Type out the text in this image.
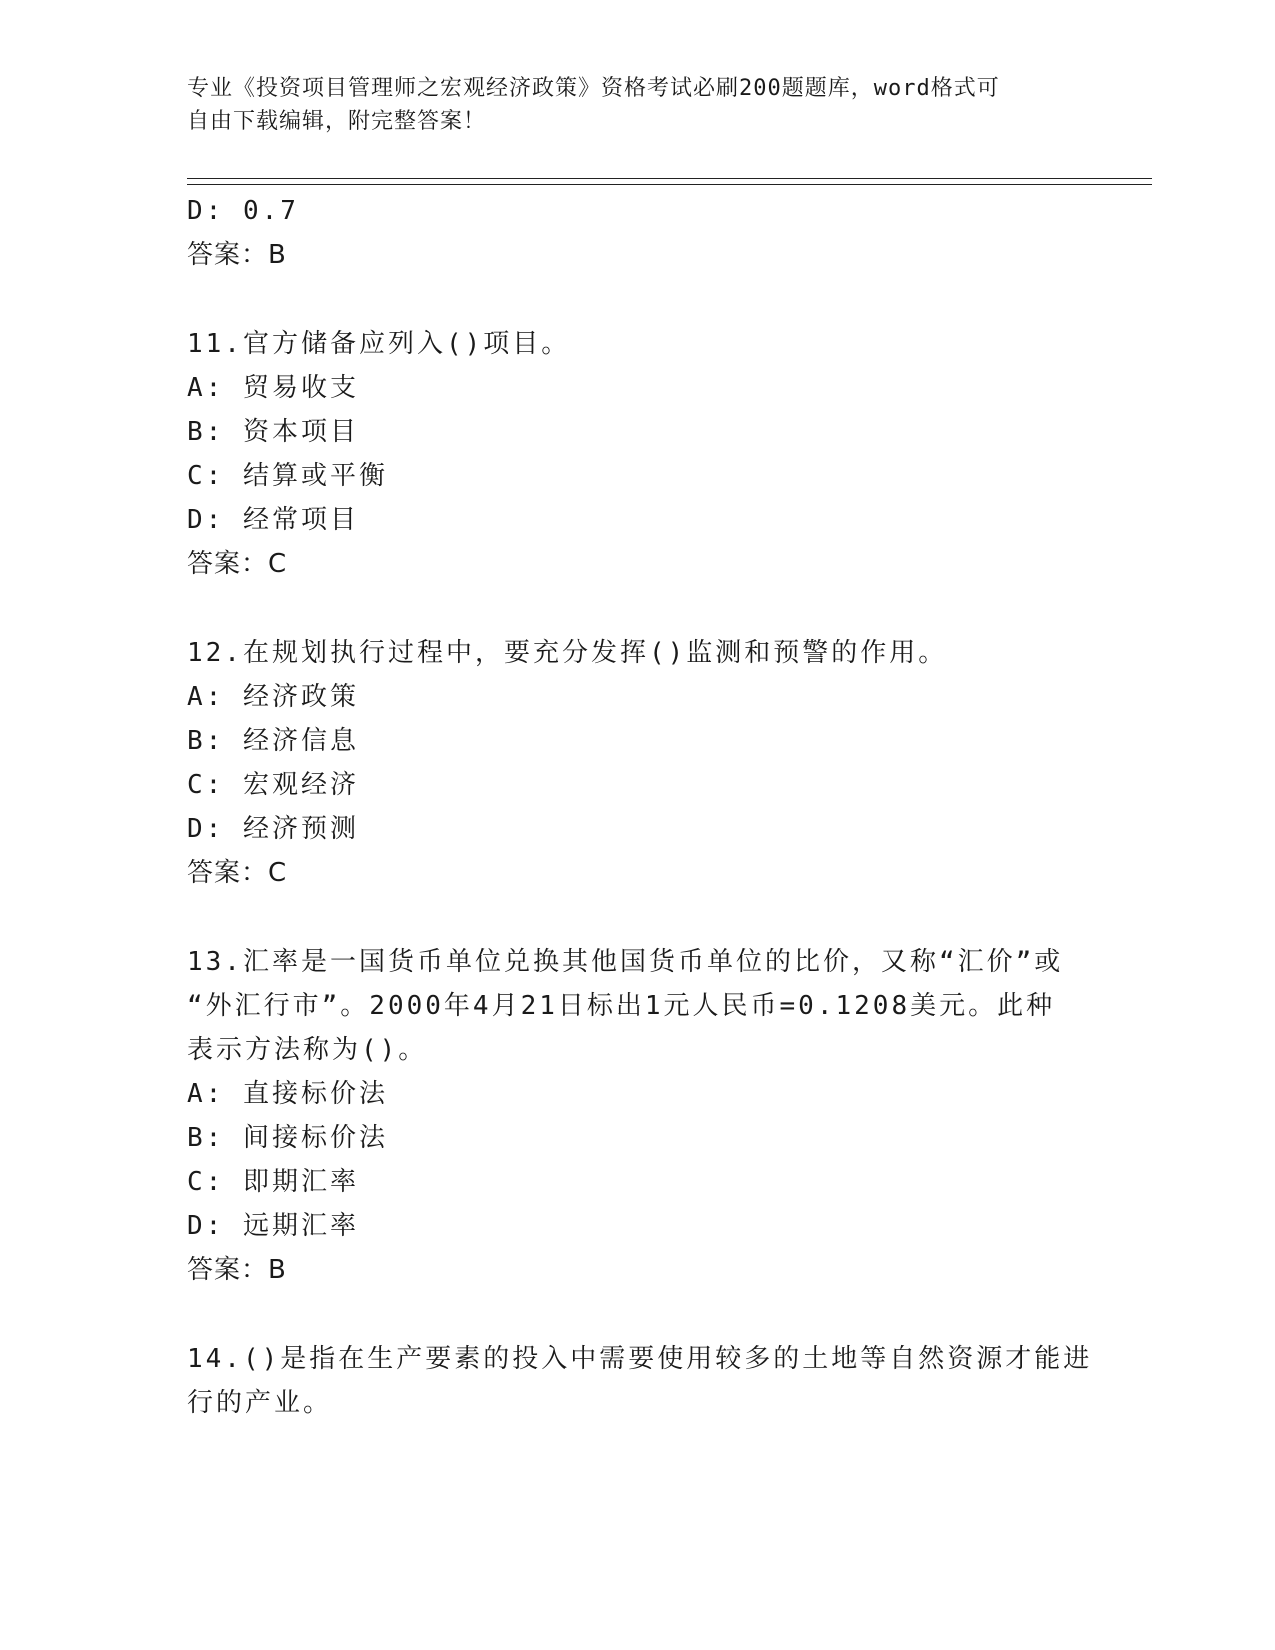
专业《投资项目管理师之宏观经济政策》资格考试必刷200题题库，word格式可
自由下载编辑，附完整答案！
D: 0.7
答案：B
11.官方储备应列入()项目。
A: 贸易收支
B: 资本项目
C: 结算或平衡
D: 经常项目
答案：C
12.在规划执行过程中，要充分发挥()监测和预警的作用。
A: 经济政策
B: 经济信息
C: 宏观经济
D: 经济预测
答案：C
13.汇率是一国货币单位兑换其他国货币单位的比价，又称“汇价”或
“外汇行市”。2000年4月21日标出1元人民币=0.1208美元。此种
表示方法称为()。
A: 直接标价法
B: 间接标价法
C: 即期汇率
D: 远期汇率
答案：B
14.()是指在生产要素的投入中需要使用较多的土地等自然资源才能进
行的产业。
